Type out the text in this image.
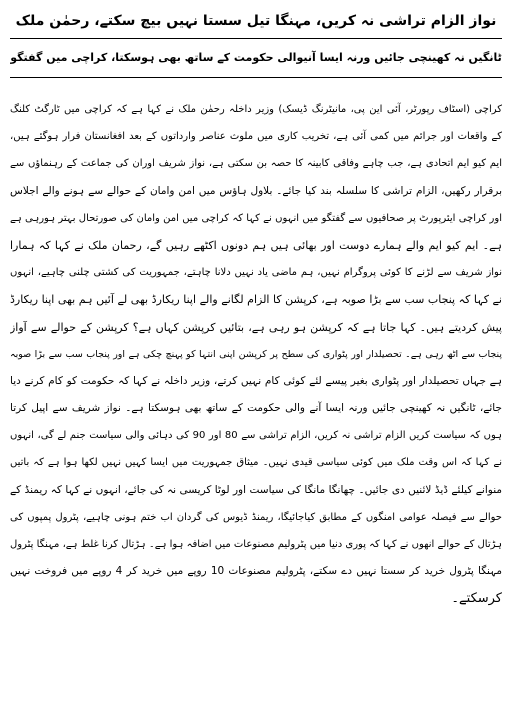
نواز الزام تراشی نہ کریں، مہنگا تیل سستا نہیں بیچ سکتے، رحمٰن ملک
ٹانگیں نہ کھینچی جائیں ورنہ ایسا آنیوالی حکومت کے ساتھ بھی ہوسکتا، کراچی میں گفتگو
کراچی (اسٹاف رپورٹر، آئی این پی، مانیٹرنگ ڈیسک) وزیر داخلہ رحمٰن ملک نے کہا ہے کہ کراچی میں ٹارگٹ کلنگ
کے واقعات اور جرائم میں کمی آئی ہے، تخریب کاری میں ملوث عناصر وارداتوں کے بعد افغانستان فرار ہوگئے ہیں،
ایم کیو ایم اتحادی ہے، جب چاہے وفاقی کابینہ کا حصہ بن سکتی ہے، نواز شریف اوران کی جماعت کے رہنماؤں سے
برقرار رکھیں، الزام تراشی کا سلسلہ بند کیا جائے۔ بلاول ہاؤس میں امن وامان کے حوالے سے ہونے والے اجلاس
اور کراچی ایئرپورٹ پر صحافیوں سے گفتگو میں انہوں نے کہا کہ کراچی میں امن وامان کی صورتحال بہتر ہورہی ہے
ہے۔ ایم کیو ایم والے ہمارے دوست اور بھائی ہیں ہم دونوں اکٹھے رہیں گے، رحمان ملک نے کہا کہ ہمارا
نواز شریف سے لڑنے کا کوئی پروگرام نہیں، ہم ماضی یاد نہیں دلانا چاہتے، جمہوریت کی کشتی چلنی چاہیے، انہوں
نے کہا کہ پنجاب سب سے بڑا صوبہ ہے، کرپشن کا الزام لگانے والے اپنا ریکارڈ بھی لے آئیں ہم بھی اپنا ریکارڈ
پیش کردیتے ہیں۔ کہا جاتا ہے کہ کرپشن ہو رہی ہے، بتائیں کرپشن کہاں ہے؟ کرپشن کے حوالے سے آواز
پنجاب سے اٹھ رہی ہے۔ تحصیلدار اور پٹواری کی سطح پر کرپشن اپنی انتہا کو پہنچ چکی ہے اور پنجاب سب سے بڑا صوبہ
ہے جہاں تحصیلدار اور پٹواری بغیر پیسے لئے کوئی کام نہیں کرتے، وزیر داخلہ نے کہا کہ حکومت کو کام کرنے دیا
جائے، ٹانگیں نہ کھینچی جائیں ورنہ ایسا آنے والی حکومت کے ساتھ بھی ہوسکتا ہے۔ نواز شریف سے اپیل کرتا
ہوں کہ سیاست کریں الزام تراشی نہ کریں، الزام تراشی سے 80 اور 90 کی دہائی والی سیاست جنم لے گی، انہوں
نے کہا کہ اس وقت ملک میں کوئی سیاسی قیدی نہیں۔ میثاق جمہوریت میں ایسا کہیں نہیں لکھا ہوا ہے کہ باتیں
منوانے کیلئے ڈیڈ لائنیں دی جائیں۔ چھانگا مانگا کی سیاست اور لوٹا کریسی نہ کی جائے، انہوں نے کہا کہ ریمنڈ کے
حوالے سے فیصلہ عوامی امنگوں کے مطابق کیاجائیگا، ریمنڈ ڈیوس کی گردان اب ختم ہونی چاہیے، پٹرول پمپوں کی
ہڑتال کے حوالے انھوں نے کہا کہ پوری دنیا میں پٹرولیم مصنوعات میں اضافہ ہوا ہے۔ ہڑتال کرنا غلط ہے، مہنگا پٹرول
مہنگا پٹرول خرید کر سستا نہیں دے سکتے، پٹرولیم مصنوعات 10 روپے میں خرید کر 4 روپے میں فروخت نہیں
کرسکتے۔
